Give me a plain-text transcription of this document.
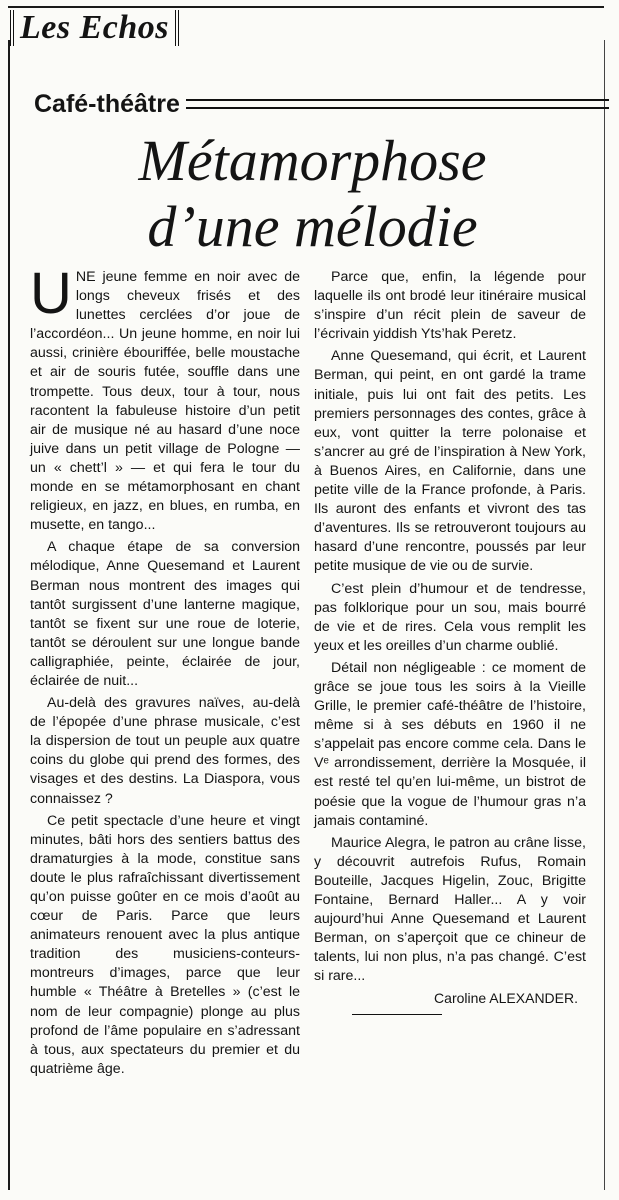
Les Echos
Café-théâtre
Métamorphose
d’une mélodie

UNE jeune femme en noir avec de longs cheveux frisés et des lunettes cerclées d’or joue de l’accordéon... Un jeune homme, en noir lui aussi, crinière ébouriffée, belle moustache et air de souris futée, souffle dans une trompette. Tous deux, tour à tour, nous racontent la fabuleuse histoire d’un petit air de musique né au hasard d’une noce juive dans un petit village de Pologne — un « chett’l » — et qui fera le tour du monde en se métamorphosant en chant religieux, en jazz, en blues, en rumba, en musette, en tango...

A chaque étape de sa conversion mélodique, Anne Quesemand et Laurent Berman nous montrent des images qui tantôt surgissent d’une lanterne magique, tantôt se fixent sur une roue de loterie, tantôt se déroulent sur une longue bande calligraphiée, peinte, éclairée de jour, éclairée de nuit...

Au-delà des gravures naïves, au-delà de l’épopée d’une phrase musicale, c’est la dispersion de tout un peuple aux quatre coins du globe qui prend des formes, des visages et des destins. La Diaspora, vous connaissez ?

Ce petit spectacle d’une heure et vingt minutes, bâti hors des sentiers battus des dramaturgies à la mode, constitue sans doute le plus rafraîchissant divertissement qu’on puisse goûter en ce mois d’août au cœur de Paris. Parce que leurs animateurs renouent avec la plus antique tradition des musiciens-conteurs-montreurs d’images, parce que leur humble « Théâtre à Bretelles » (c’est le nom de leur compagnie) plonge au plus profond de l’âme populaire en s’adressant à tous, aux spectateurs du premier et du quatrième âge.

Parce que, enfin, la légende pour laquelle ils ont brodé leur itinéraire musical s’inspire d’un récit plein de saveur de l’écrivain yiddish Yts’hak Peretz.

Anne Quesemand, qui écrit, et Laurent Berman, qui peint, en ont gardé la trame initiale, puis lui ont fait des petits. Les premiers personnages des contes, grâce à eux, vont quitter la terre polonaise et s’ancrer au gré de l’inspiration à New York, à Buenos Aires, en Californie, dans une petite ville de la France profonde, à Paris. Ils auront des enfants et vivront des tas d’aventures. Ils se retrouveront toujours au hasard d’une rencontre, poussés par leur petite musique de vie ou de survie.

C’est plein d’humour et de tendresse, pas folklorique pour un sou, mais bourré de vie et de rires. Cela vous remplit les yeux et les oreilles d’un charme oublié.

Détail non négligeable : ce moment de grâce se joue tous les soirs à la Vieille Grille, le premier café-théâtre de l’histoire, même si à ses débuts en 1960 il ne s’appelait pas encore comme cela. Dans le Vᵉ arrondissement, derrière la Mosquée, il est resté tel qu’en lui-même, un bistrot de poésie que la vogue de l’humour gras n’a jamais contaminé.

Maurice Alegra, le patron au crâne lisse, y découvrit autrefois Rufus, Romain Bouteille, Jacques Higelin, Zouc, Brigitte Fontaine, Bernard Haller... A y voir aujourd’hui Anne Quesemand et Laurent Berman, on s’aperçoit que ce chineur de talents, lui non plus, n’a pas changé. C’est si rare...

Caroline ALEXANDER.
